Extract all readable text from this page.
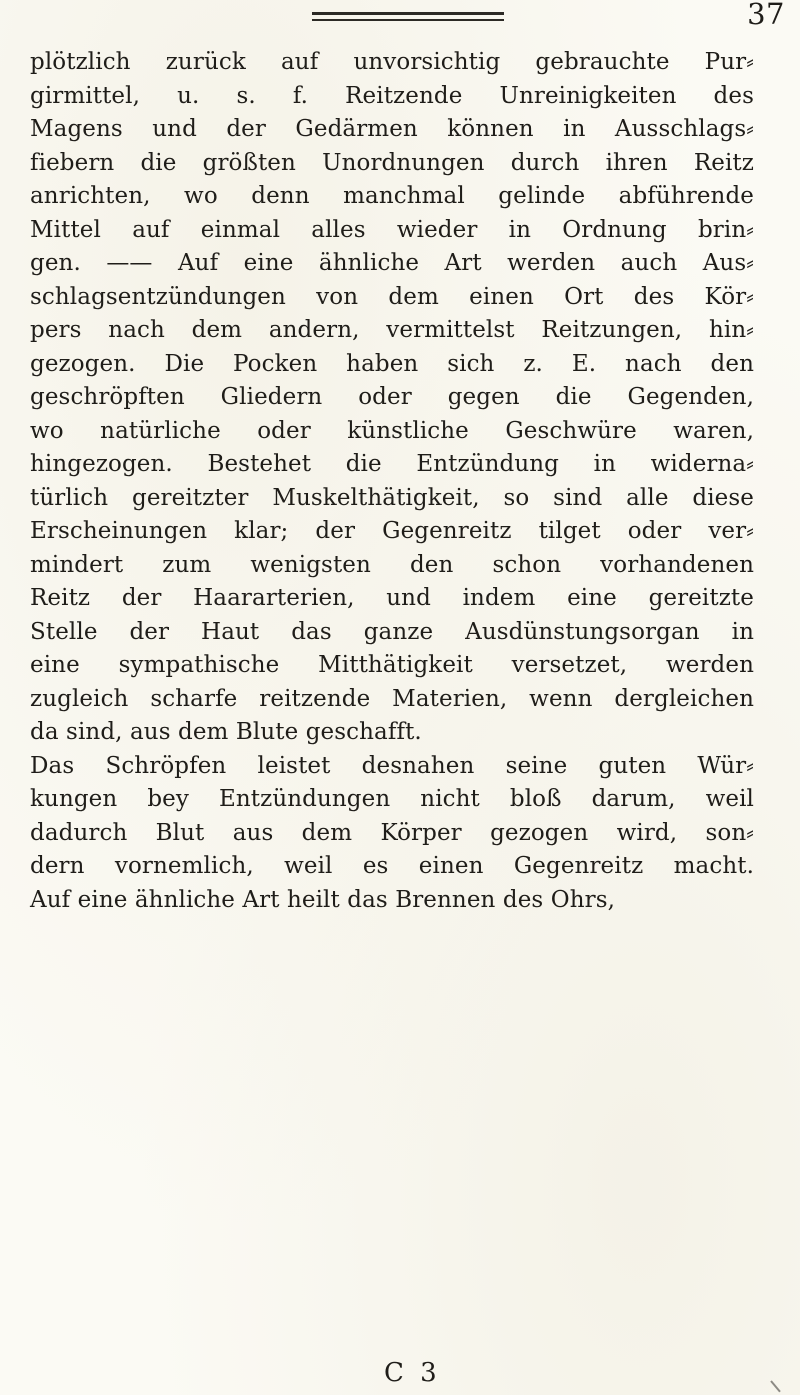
37
plötzlich zurück auf unvorsichtig gebrauchte Pur⸗
girmittel, u. s. f. Reitzende Unreinigkeiten des
Magens und der Gedärmen können in Ausschlags⸗
fiebern die größten Unordnungen durch ihren Reitz
anrichten, wo denn manchmal gelinde abführende
Mittel auf einmal alles wieder in Ordnung brin⸗
gen. —— Auf eine ähnliche Art werden auch Aus⸗
schlagsentzündungen von dem einen Ort des Kör⸗
pers nach dem andern, vermittelst Reitzungen, hin⸗
gezogen. Die Pocken haben sich z. E. nach den
geschröpften Gliedern oder gegen die Gegenden,
wo natürliche oder künstliche Geschwüre waren,
hingezogen. Bestehet die Entzündung in widerna⸗
türlich gereitzter Muskelthätigkeit, so sind alle diese
Erscheinungen klar; der Gegenreitz tilget oder ver⸗
mindert zum wenigsten den schon vorhandenen
Reitz der Haararterien, und indem eine gereitzte
Stelle der Haut das ganze Ausdünstungsorgan in
eine sympathische Mitthätigkeit versetzet, werden
zugleich scharfe reitzende Materien, wenn dergleichen
da sind, aus dem Blute geschafft.
Das Schröpfen leistet desnahen seine guten Wür⸗
kungen bey Entzündungen nicht bloß darum, weil
dadurch Blut aus dem Körper gezogen wird, son⸗
dern vornemlich, weil es einen Gegenreitz macht.
Auf eine ähnliche Art heilt das Brennen des Ohrs,
C 3
